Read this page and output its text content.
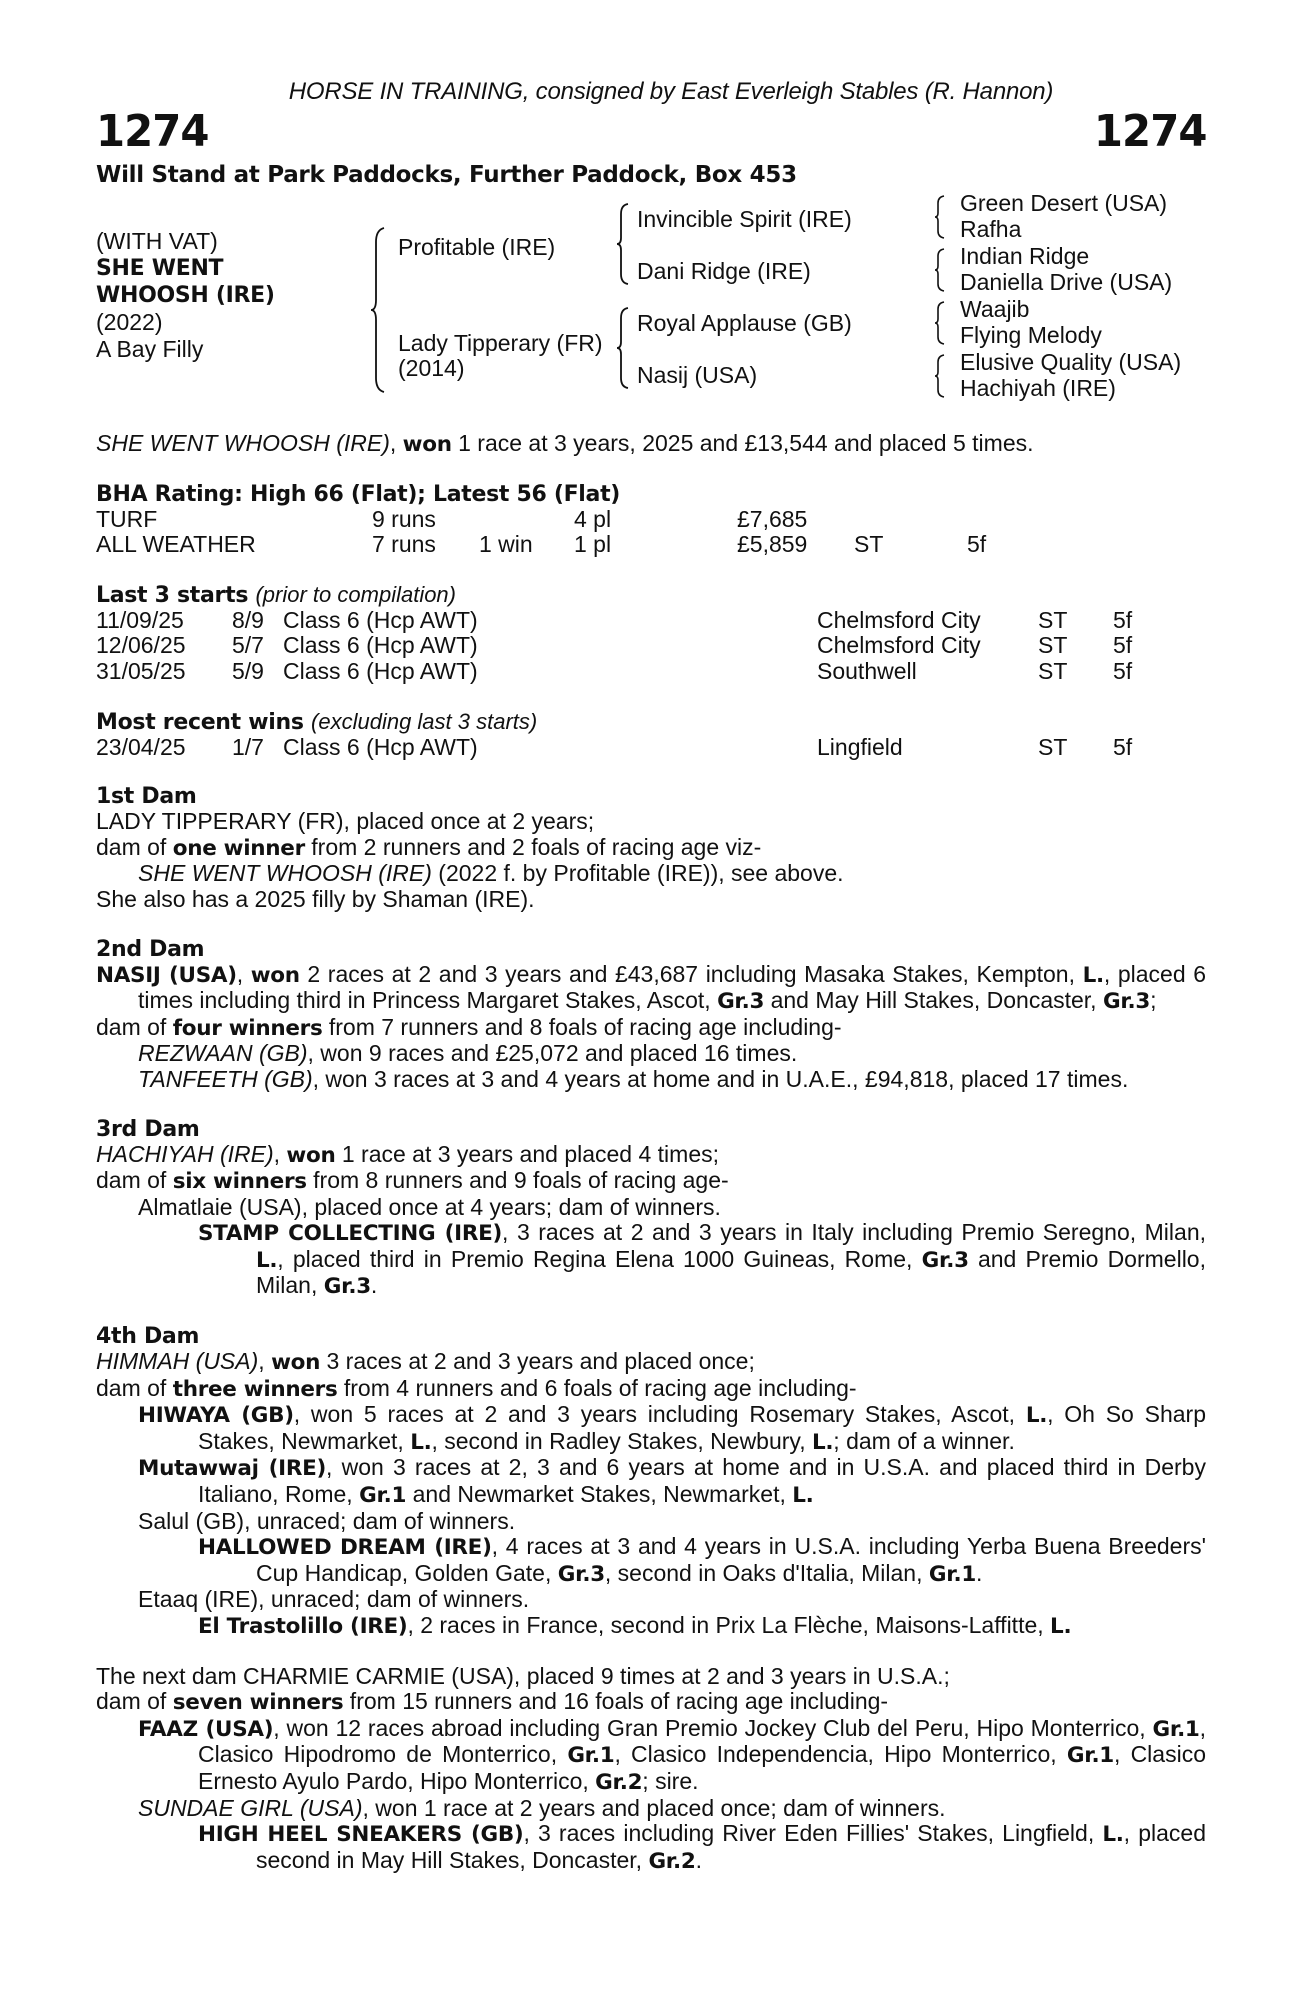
HORSE IN TRAINING, consigned by East Everleigh Stables (R. Hannon)
1274	1274
Will Stand at Park Paddocks, Further Paddock, Box 453
(WITH VAT)
SHE WENT
WHOOSH (IRE)
(2022)
A Bay Filly
Profitable (IRE)
Lady Tipperary (FR)
(2014)
Invincible Spirit (IRE)
Dani Ridge (IRE)
Royal Applause (GB)
Nasij (USA)
Green Desert (USA)
Rafha
Indian Ridge
Daniella Drive (USA)
Waajib
Flying Melody
Elusive Quality (USA)
Hachiyah (IRE)

SHE WENT WHOOSH (IRE), won 1 race at 3 years, 2025 and £13,544 and placed 5 times.

BHA Rating: High 66 (Flat); Latest 56 (Flat)
TURF	9 runs	4 pl	£7,685
ALL WEATHER	7 runs 1 win 1 pl	£5,859 ST	5f
Last 3 starts (prior to compilation)
11/09/25 8/9 Class 6 (Hcp AWT)	Chelmsford City ST 5f
12/06/25 5/7 Class 6 (Hcp AWT)	Chelmsford City ST 5f
31/05/25 5/9 Class 6 (Hcp AWT)	Southwell	ST 5f
Most recent wins (excluding last 3 starts)
23/04/25 1/7 Class 6 (Hcp AWT)	Lingfield	ST 5f
1st Dam

LADY TIPPERARY (FR), placed once at 2 years;

dam of one winner from 2 runners and 2 foals of racing age viz-

SHE WENT WHOOSH (IRE) (2022 f. by Profitable (IRE)), see above.

She also has a 2025 filly by Shaman (IRE).

2nd Dam

NASIJ (USA), won 2 races at 2 and 3 years and £43,687 including Masaka Stakes, Kempton, L., placed 6 times including third in Princess Margaret Stakes, Ascot, Gr.3 and May Hill Stakes, Doncaster, Gr.3;

dam of four winners from 7 runners and 8 foals of racing age including-

REZWAAN (GB), won 9 races and £25,072 and placed 16 times.

TANFEETH (GB), won 3 races at 3 and 4 years at home and in U.A.E., £94,818, placed 17 times.

3rd Dam

HACHIYAH (IRE), won 1 race at 3 years and placed 4 times;

dam of six winners from 8 runners and 9 foals of racing age-

Almatlaie (USA), placed once at 4 years; dam of winners.

STAMP COLLECTING (IRE), 3 races at 2 and 3 years in Italy including Premio Seregno, Milan, L., placed third in Premio Regina Elena 1000 Guineas, Rome, Gr.3 and Premio Dormello, Milan, Gr.3.

4th Dam

HIMMAH (USA), won 3 races at 2 and 3 years and placed once;

dam of three winners from 4 runners and 6 foals of racing age including-

HIWAYA (GB), won 5 races at 2 and 3 years including Rosemary Stakes, Ascot, L., Oh So Sharp Stakes, Newmarket, L., second in Radley Stakes, Newbury, L.; dam of a winner.

Mutawwaj (IRE), won 3 races at 2, 3 and 6 years at home and in U.S.A. and placed third in Derby Italiano, Rome, Gr.1 and Newmarket Stakes, Newmarket, L.

Salul (GB), unraced; dam of winners.

HALLOWED DREAM (IRE), 4 races at 3 and 4 years in U.S.A. including Yerba Buena Breeders' Cup Handicap, Golden Gate, Gr.3, second in Oaks d'Italia, Milan, Gr.1.

Etaaq (IRE), unraced; dam of winners.

El Trastolillo (IRE), 2 races in France, second in Prix La Flèche, Maisons-Laffitte, L.

The next dam CHARMIE CARMIE (USA), placed 9 times at 2 and 3 years in U.S.A.;

dam of seven winners from 15 runners and 16 foals of racing age including-

FAAZ (USA), won 12 races abroad including Gran Premio Jockey Club del Peru, Hipo Monterrico, Gr.1, Clasico Hipodromo de Monterrico, Gr.1, Clasico Independencia, Hipo Monterrico, Gr.1, Clasico Ernesto Ayulo Pardo, Hipo Monterrico, Gr.2; sire.

SUNDAE GIRL (USA), won 1 race at 2 years and placed once; dam of winners.

HIGH HEEL SNEAKERS (GB), 3 races including River Eden Fillies' Stakes, Lingfield, L., placed second in May Hill Stakes, Doncaster, Gr.2.
